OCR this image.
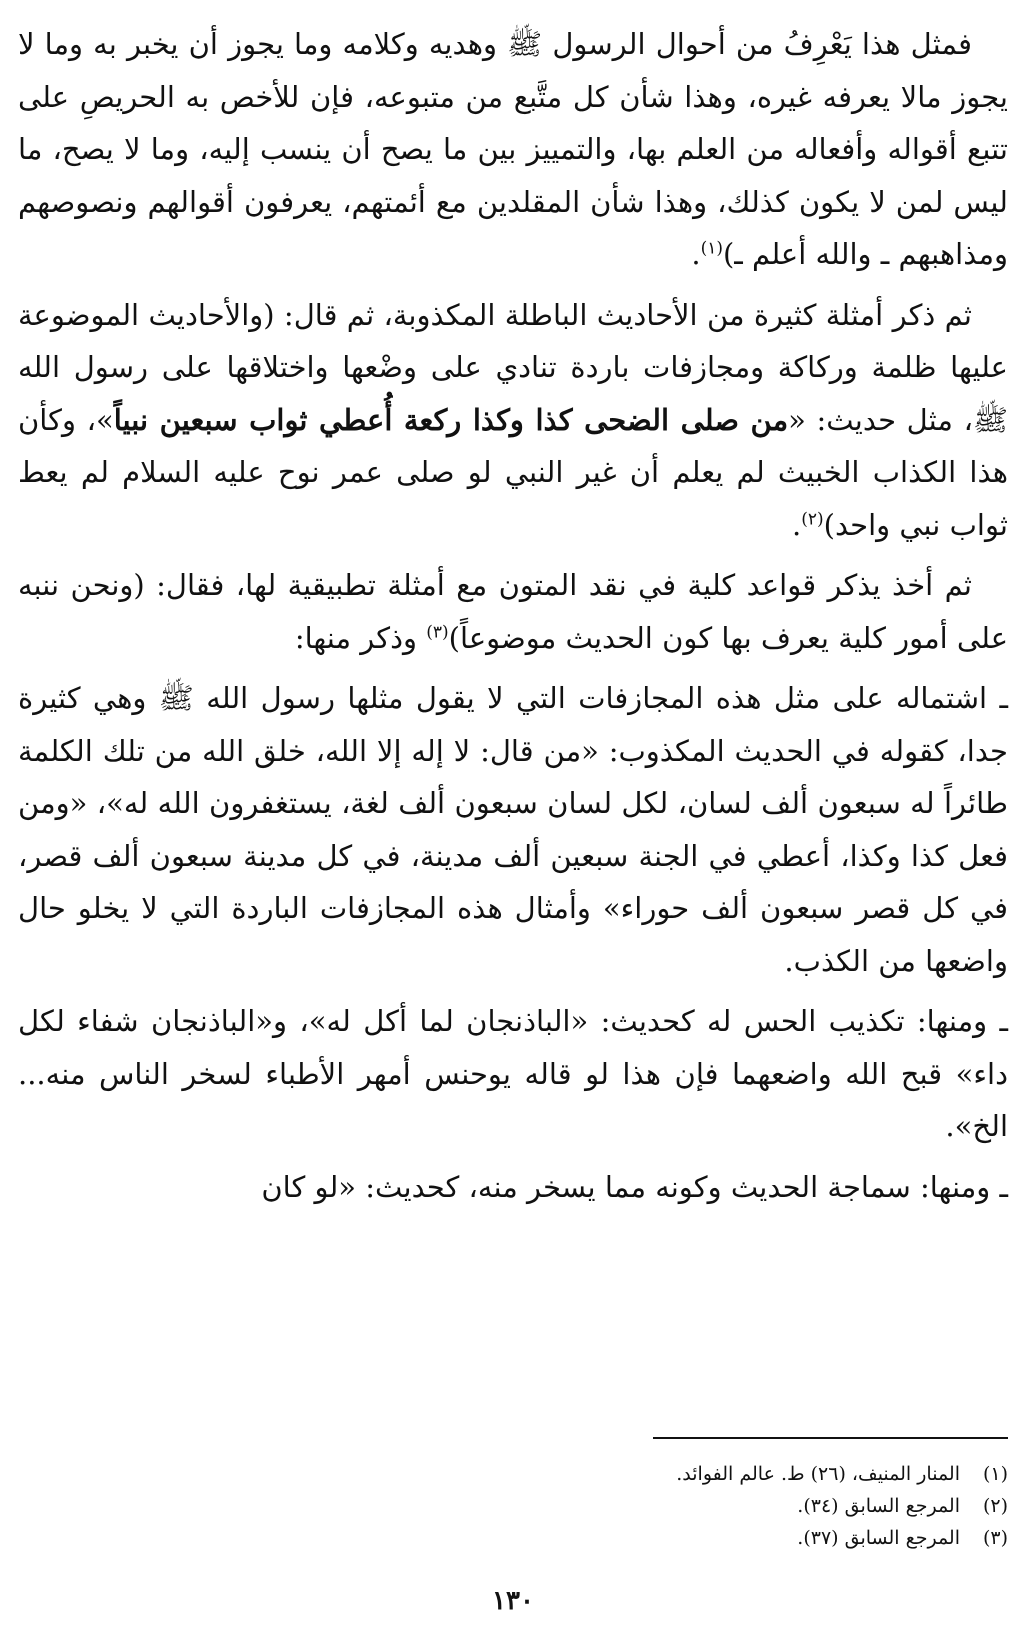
فمثل هذا يَعْرِفُ من أحوال الرسول ﷺ وهديه وكلامه وما يجوز أن يخبر به وما لا يجوز مالا يعرفه غيره، وهذا شأن كل متَّبع من متبوعه، فإن للأخص به الحريصِ على تتبع أقواله وأفعاله من العلم بها، والتمييز بين ما يصح أن ينسب إليه، وما لا يصح، ما ليس لمن لا يكون كذلك، وهذا شأن المقلدين مع أئمتهم، يعرفون أقوالهم ونصوصهم ومذاهبهم ـ والله أعلم ـ)$^{(١)}$.

ثم ذكر أمثلة كثيرة من الأحاديث الباطلة المكذوبة، ثم قال: (والأحاديث الموضوعة عليها ظلمة وركاكة ومجازفات باردة تنادي على وضْعها واختلاقها على رسول الله ﷺ، مثل حديث: «من صلى الضحى كذا وكذا ركعة أُعطي ثواب سبعين نبياً»، وكأن هذا الكذاب الخبيث لم يعلم أن غير النبي لو صلى عمر نوح عليه السلام لم يعط ثواب نبي واحد)$^{(٢)}$.

ثم أخذ يذكر قواعد كلية في نقد المتون مع أمثلة تطبيقية لها، فقال: (ونحن ننبه على أمور كلية يعرف بها كون الحديث موضوعاً)$^{(٣)}$ وذكر منها:

ـ اشتماله على مثل هذه المجازفات التي لا يقول مثلها رسول الله ﷺ وهي كثيرة جدا، كقوله في الحديث المكذوب: «من قال: لا إله إلا الله، خلق الله من تلك الكلمة طائراً له سبعون ألف لسان، لكل لسان سبعون ألف لغة، يستغفرون الله له»، «ومن فعل كذا وكذا، أعطي في الجنة سبعين ألف مدينة، في كل مدينة سبعون ألف قصر، في كل قصر سبعون ألف حوراء» وأمثال هذه المجازفات الباردة التي لا يخلو حال واضعها من الكذب.

ـ ومنها: تكذيب الحس له كحديث: «الباذنجان لما أكل له»، و«الباذنجان شفاء لكل داء» قبح الله واضعهما فإن هذا لو قاله يوحنس أمهر الأطباء لسخر الناس منه... الخ».

ـ ومنها: سماجة الحديث وكونه مما يسخر منه، كحديث: «لو كان

(١)
المنار المنيف، (٢٦) ط. عالم الفوائد.
(٢)
المرجع السابق (٣٤).
(٣)
المرجع السابق (٣٧).
١٣٠
